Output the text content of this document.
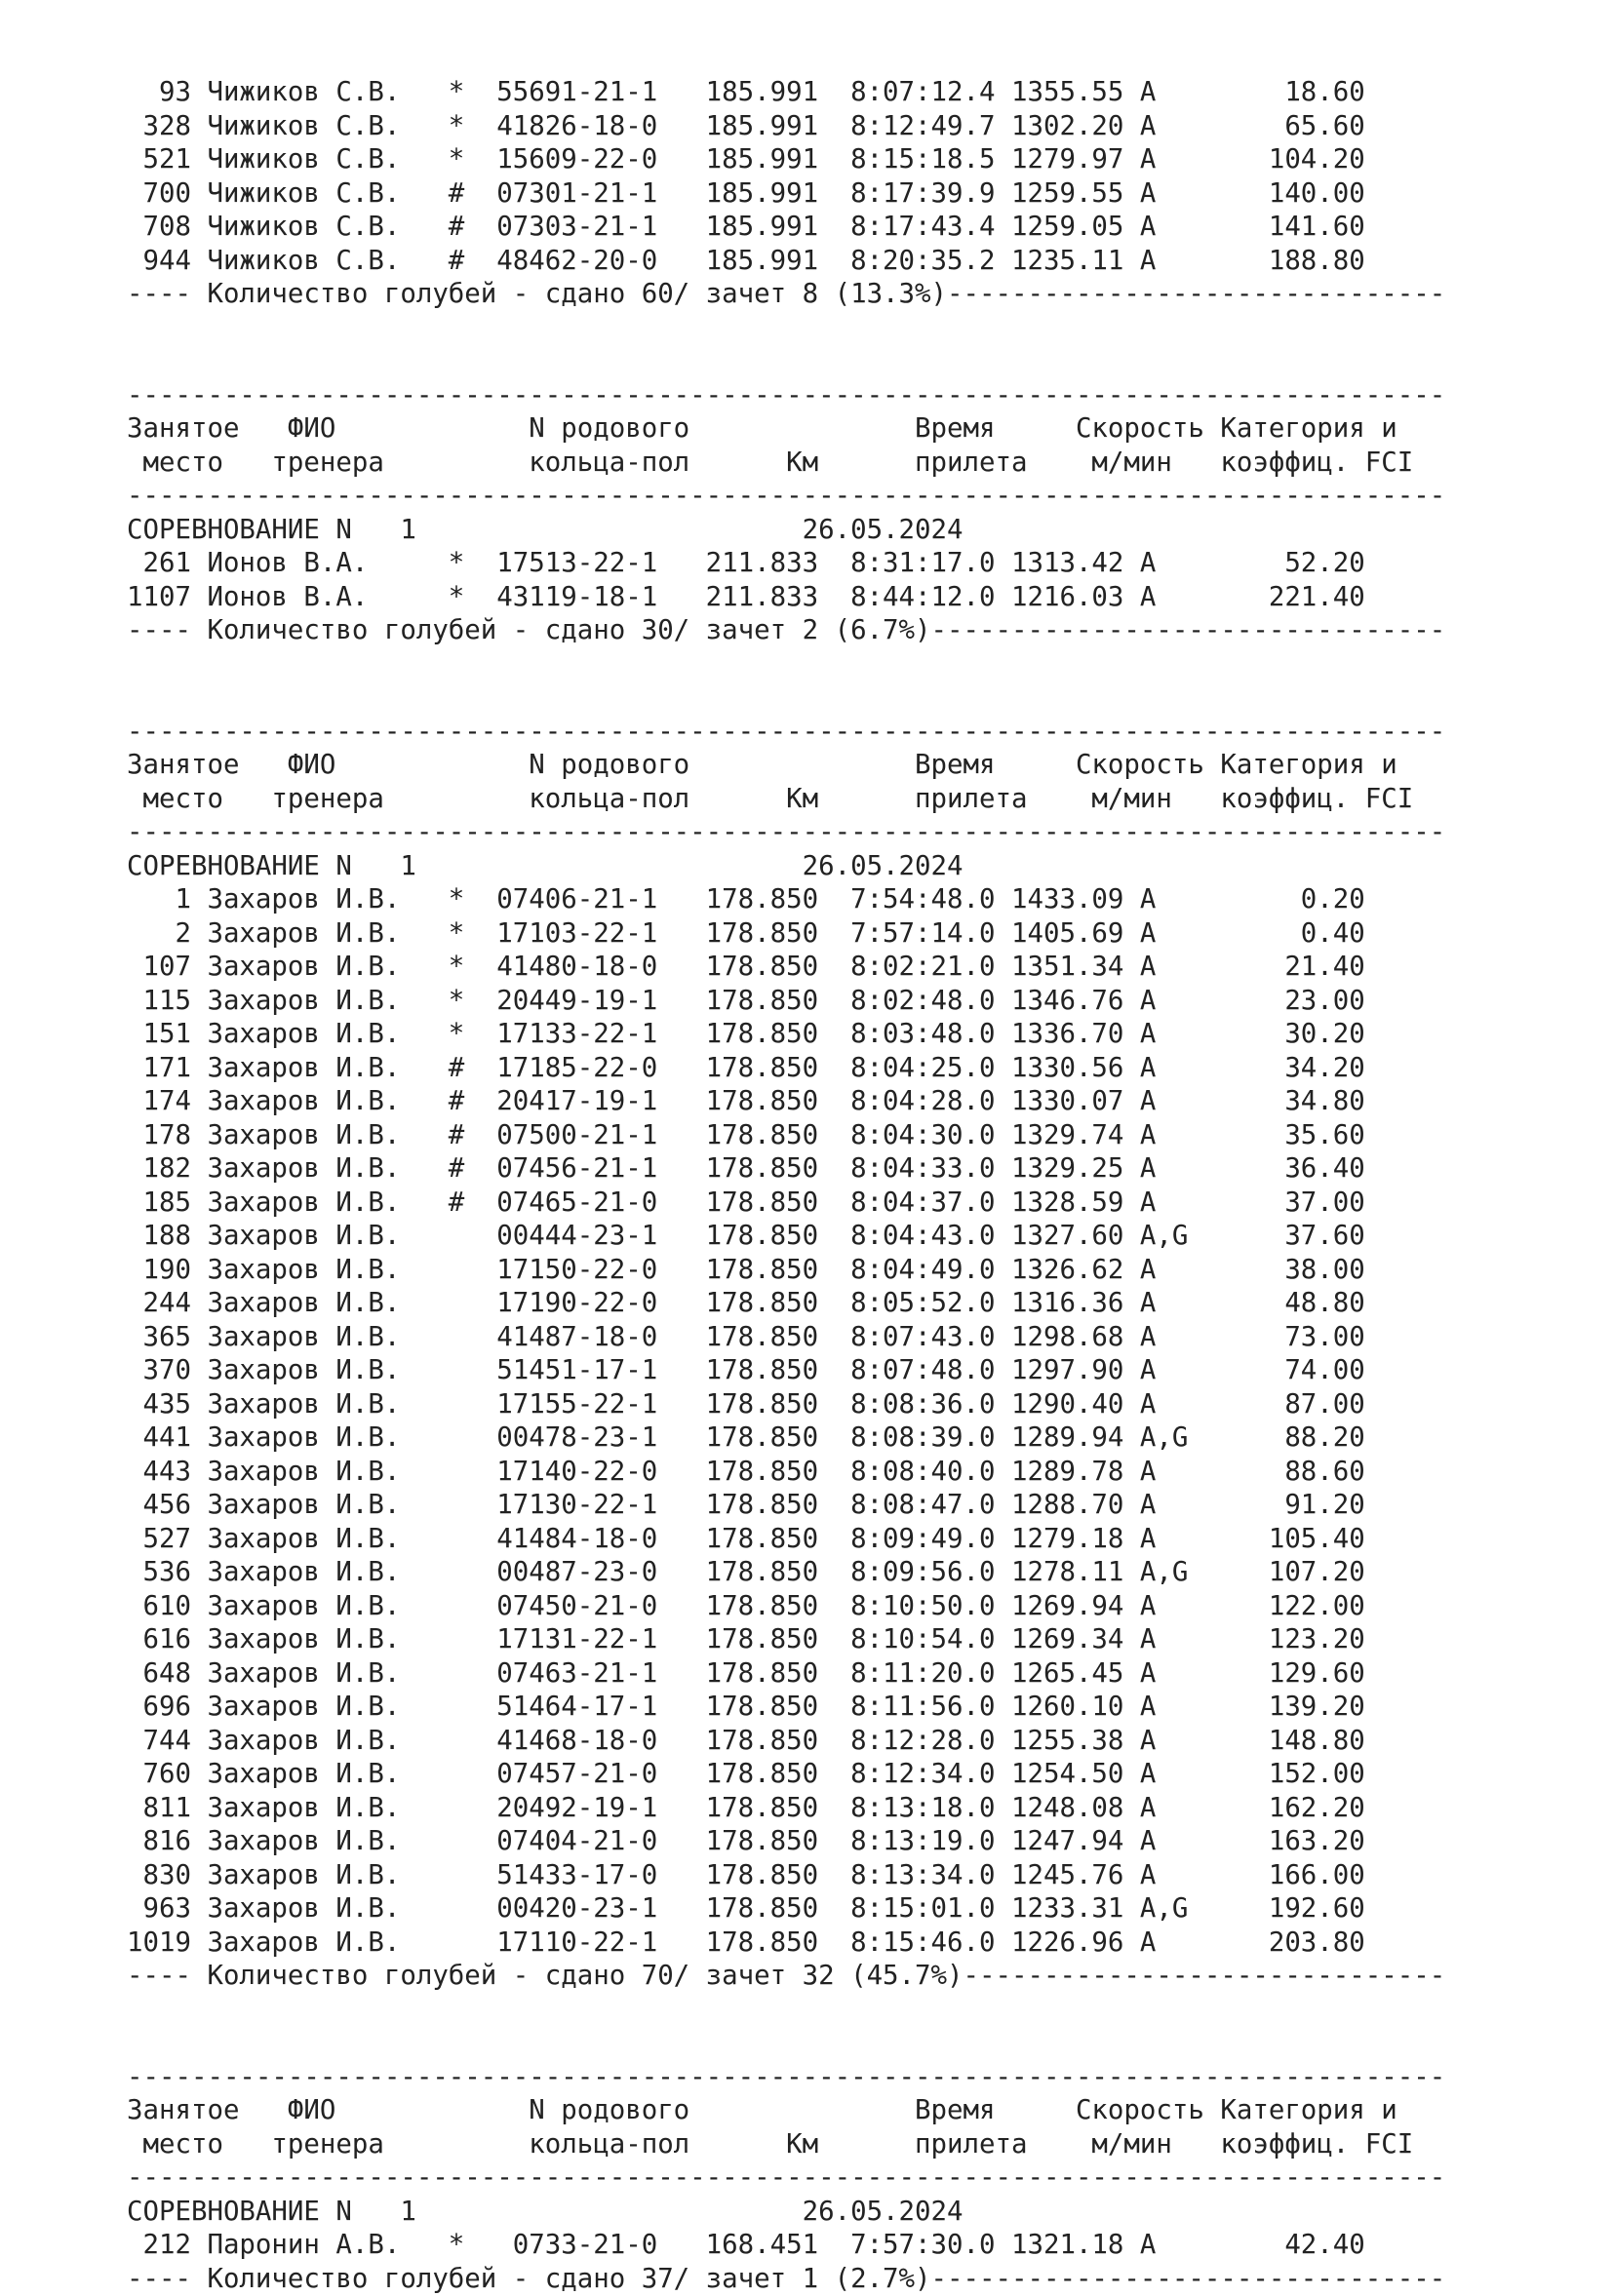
93 Чижиков С.В.   *  55691-21-1   185.991  8:07:12.4 1355.55 A        18.60
328 Чижиков С.В.   *  41826-18-0   185.991  8:12:49.7 1302.20 A        65.60
521 Чижиков С.В.   *  15609-22-0   185.991  8:15:18.5 1279.97 A       104.20
700 Чижиков С.В.   #  07301-21-1   185.991  8:17:39.9 1259.55 A       140.00
708 Чижиков С.В.   #  07303-21-1   185.991  8:17:43.4 1259.05 A       141.60
944 Чижиков С.В.   #  48462-20-0   185.991  8:20:35.2 1235.11 A       188.80
---- Количество голубей - сдано 60/ зачет 8 (13.3%)-------------------------------
----------------------------------------------------------------------------------
Занятое   ФИО            N родового              Время     Скорость Категория и
место   тренера         кольца-пол      Км      прилета    м/мин   коэффиц. FCI
----------------------------------------------------------------------------------
СОРЕВНОВАНИЕ N   1                        26.05.2024
261 Ионов В.А.     *  17513-22-1   211.833  8:31:17.0 1313.42 A        52.20
1107 Ионов В.А.     *  43119-18-1   211.833  8:44:12.0 1216.03 A       221.40
---- Количество голубей - сдано 30/ зачет 2 (6.7%)--------------------------------
----------------------------------------------------------------------------------
Занятое   ФИО            N родового              Время     Скорость Категория и
место   тренера         кольца-пол      Км      прилета    м/мин   коэффиц. FCI
----------------------------------------------------------------------------------
СОРЕВНОВАНИЕ N   1                        26.05.2024
1 Захаров И.В.   *  07406-21-1   178.850  7:54:48.0 1433.09 A         0.20
2 Захаров И.В.   *  17103-22-1   178.850  7:57:14.0 1405.69 A         0.40
107 Захаров И.В.   *  41480-18-0   178.850  8:02:21.0 1351.34 A        21.40
115 Захаров И.В.   *  20449-19-1   178.850  8:02:48.0 1346.76 A        23.00
151 Захаров И.В.   *  17133-22-1   178.850  8:03:48.0 1336.70 A        30.20
171 Захаров И.В.   #  17185-22-0   178.850  8:04:25.0 1330.56 A        34.20
174 Захаров И.В.   #  20417-19-1   178.850  8:04:28.0 1330.07 A        34.80
178 Захаров И.В.   #  07500-21-1   178.850  8:04:30.0 1329.74 A        35.60
182 Захаров И.В.   #  07456-21-1   178.850  8:04:33.0 1329.25 A        36.40
185 Захаров И.В.   #  07465-21-0   178.850  8:04:37.0 1328.59 A        37.00
188 Захаров И.В.      00444-23-1   178.850  8:04:43.0 1327.60 A,G      37.60
190 Захаров И.В.      17150-22-0   178.850  8:04:49.0 1326.62 A        38.00
244 Захаров И.В.      17190-22-0   178.850  8:05:52.0 1316.36 A        48.80
365 Захаров И.В.      41487-18-0   178.850  8:07:43.0 1298.68 A        73.00
370 Захаров И.В.      51451-17-1   178.850  8:07:48.0 1297.90 A        74.00
435 Захаров И.В.      17155-22-1   178.850  8:08:36.0 1290.40 A        87.00
441 Захаров И.В.      00478-23-1   178.850  8:08:39.0 1289.94 A,G      88.20
443 Захаров И.В.      17140-22-0   178.850  8:08:40.0 1289.78 A        88.60
456 Захаров И.В.      17130-22-1   178.850  8:08:47.0 1288.70 A        91.20
527 Захаров И.В.      41484-18-0   178.850  8:09:49.0 1279.18 A       105.40
536 Захаров И.В.      00487-23-0   178.850  8:09:56.0 1278.11 A,G     107.20
610 Захаров И.В.      07450-21-0   178.850  8:10:50.0 1269.94 A       122.00
616 Захаров И.В.      17131-22-1   178.850  8:10:54.0 1269.34 A       123.20
648 Захаров И.В.      07463-21-1   178.850  8:11:20.0 1265.45 A       129.60
696 Захаров И.В.      51464-17-1   178.850  8:11:56.0 1260.10 A       139.20
744 Захаров И.В.      41468-18-0   178.850  8:12:28.0 1255.38 A       148.80
760 Захаров И.В.      07457-21-0   178.850  8:12:34.0 1254.50 A       152.00
811 Захаров И.В.      20492-19-1   178.850  8:13:18.0 1248.08 A       162.20
816 Захаров И.В.      07404-21-0   178.850  8:13:19.0 1247.94 A       163.20
830 Захаров И.В.      51433-17-0   178.850  8:13:34.0 1245.76 A       166.00
963 Захаров И.В.      00420-23-1   178.850  8:15:01.0 1233.31 A,G     192.60
1019 Захаров И.В.      17110-22-1   178.850  8:15:46.0 1226.96 A       203.80
---- Количество голубей - сдано 70/ зачет 32 (45.7%)------------------------------
----------------------------------------------------------------------------------
Занятое   ФИО            N родового              Время     Скорость Категория и
место   тренера         кольца-пол      Км      прилета    м/мин   коэффиц. FCI
----------------------------------------------------------------------------------
СОРЕВНОВАНИЕ N   1                        26.05.2024
212 Паронин А.В.   *   0733-21-0   168.451  7:57:30.0 1321.18 A        42.40
---- Количество голубей - сдано 37/ зачет 1 (2.7%)--------------------------------
